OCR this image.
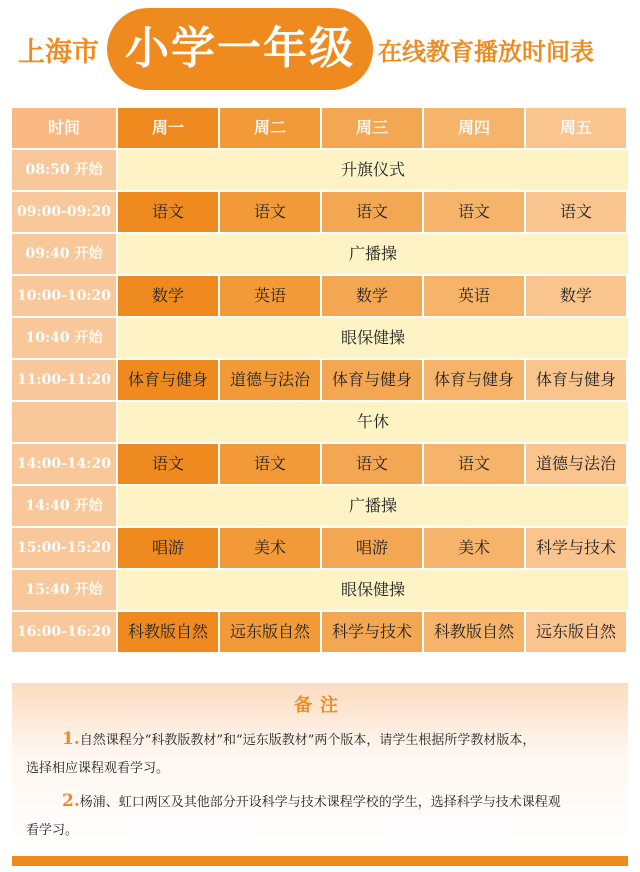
上海市 小学一年级 在线教育播放时间表
时间	周一	周二	周三	周四	周五
08:50 开始	升旗仪式
09:00-09:20	语文	语文	语文	语文	语文
09:40 开始	广播操
10:00-10:20	数学	英语	数学	英语	数学
10:40 开始	眼保健操
11:00-11:20	体育与健身	道德与法治	体育与健身	体育与健身	体育与健身
午休
14:00-14:20	语文	语文	语文	语文	道德与法治
14:40 开始	广播操
15:00-15:20	唱游	美术	唱游	美术	科学与技术
15:40 开始	眼保健操
16:00-16:20	科教版自然	远东版自然	科学与技术	科教版自然	远东版自然
备注
1.自然课程分“科教版教材”和“远东版教材”两个版本，请学生根据所学教材版本，
选择相应课程观看学习。
2.杨浦、虹口两区及其他部分开设科学与技术课程学校的学生，选择科学与技术课程观
看学习。
